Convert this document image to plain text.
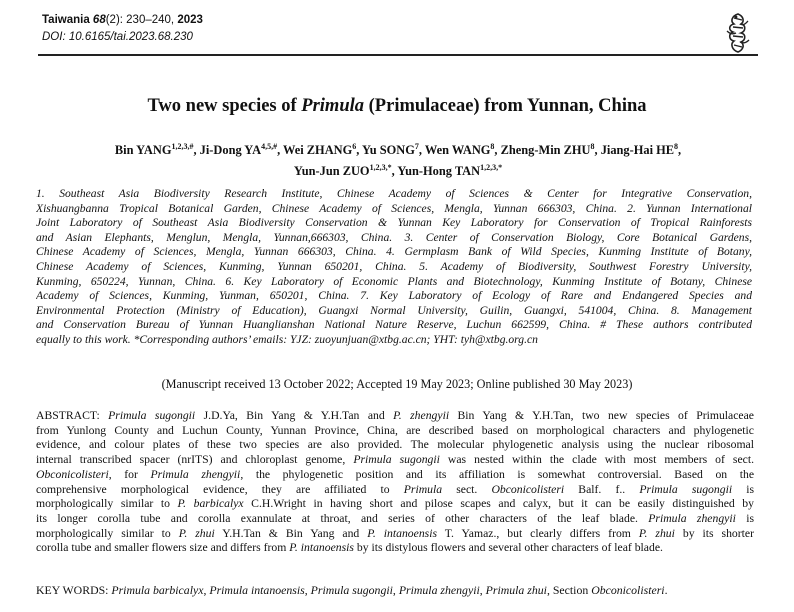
Taiwania 68(2): 230–240, 2023
DOI: 10.6165/tai.2023.68.230
Two new species of Primula (Primulaceae) from Yunnan, China
Bin $YANG^{1,2,3,\#}$, Ji-Dong $YA^{4,5,\#}$, Wei ZHANG$^6$, Yu SONG$^7$, Wen WANG$^8$, Zheng-Min ZHU$^8$, Jiang-Hai $HE^8$,
Yun-Jun $ZUO^{1,2,3,*}$, Yun-Hong $TAN^{1,2,3,*}$
1. Southeast Asia Biodiversity Research Institute, Chinese Academy of Sciences & Center for Integrative Conservation,
Xishuangbanna Tropical Botanical Garden, Chinese Academy of Sciences, Mengla, Yunnan 666303, China. 2. Yunnan International
Joint Laboratory of Southeast Asia Biodiversity Conservation & Yunnan Key Laboratory for Conservation of Tropical Rainforests
and Asian Elephants, Menglun, Mengla, Yunnan,666303, China. 3. Center of Conservation Biology, Core Botanical Gardens,
Chinese Academy of Sciences, Mengla, Yunnan 666303, China. 4. Germplasm Bank of Wild Species, Kunming Institute of Botany,
Chinese Academy of Sciences, Kunming, Yunnan 650201, China. 5. Academy of Biodiversity, Southwest Forestry University,
Kunming, 650224, Yunnan, China. 6. Key Laboratory of Economic Plants and Biotechnology, Kunming Institute of Botany, Chinese
Academy of Sciences, Kunming, Yunman, 650201, China. 7. Key Laboratory of Ecology of Rare and Endangered Species and
Environmental Protection (Ministry of Education), Guangxi Normal University, Guilin, Guangxi, 541004, China. 8. Management
and Conservation Bureau of Yunnan Huanglianshan National Nature Reserve, Luchun 662599, China. # These authors contributed
equally to this work. *Corresponding authors’ emails: YJZ: zuoyunjuan@xtbg.ac.cn; YHT: tyh@xtbg.org.cn
(Manuscript received 13 October 2022; Accepted 19 May 2023; Online published 30 May 2023)
ABSTRACT: Primula sugongii J.D.Ya, Bin Yang & Y.H.Tan and P. zhengyii Bin Yang & Y.H.Tan, two new species of Primulaceae
from Yunlong County and Luchun County, Yunnan Province, China, are described based on morphological characters and phylogenetic
evidence, and colour plates of these two species are also provided. The molecular phylogenetic analysis using the nuclear ribosomal
internal transcribed spacer (nrITS) and chloroplast genome, Primula sugongii was nested within the clade with most members of sect.
Obconicolisteri, for Primula zhengyii, the phylogenetic position and its affiliation is somewhat controversial. Based on the
comprehensive morphological evidence, they are affiliated to Primula sect. Obconicolisteri Balf. f.. Primula sugongii is
morphologically similar to P. barbicalyx C.H.Wright in having short and pilose scapes and calyx, but it can be easily distinguished by
its longer corolla tube and corolla exannulate at throat, and series of other characters of the leaf blade. Primula zhengyii is
morphologically similar to P. zhui Y.H.Tan & Bin Yang and P. intanoensis T. Yamaz., but clearly differs from P. zhui by its shorter
corolla tube and smaller flowers size and differs from P. intanoensis by its distylous flowers and several other characters of leaf blade.
KEY WORDS: Primula barbicalyx, Primula intanoensis, Primula sugongii, Primula zhengyii, Primula zhui, Section Obconicolisteri.
